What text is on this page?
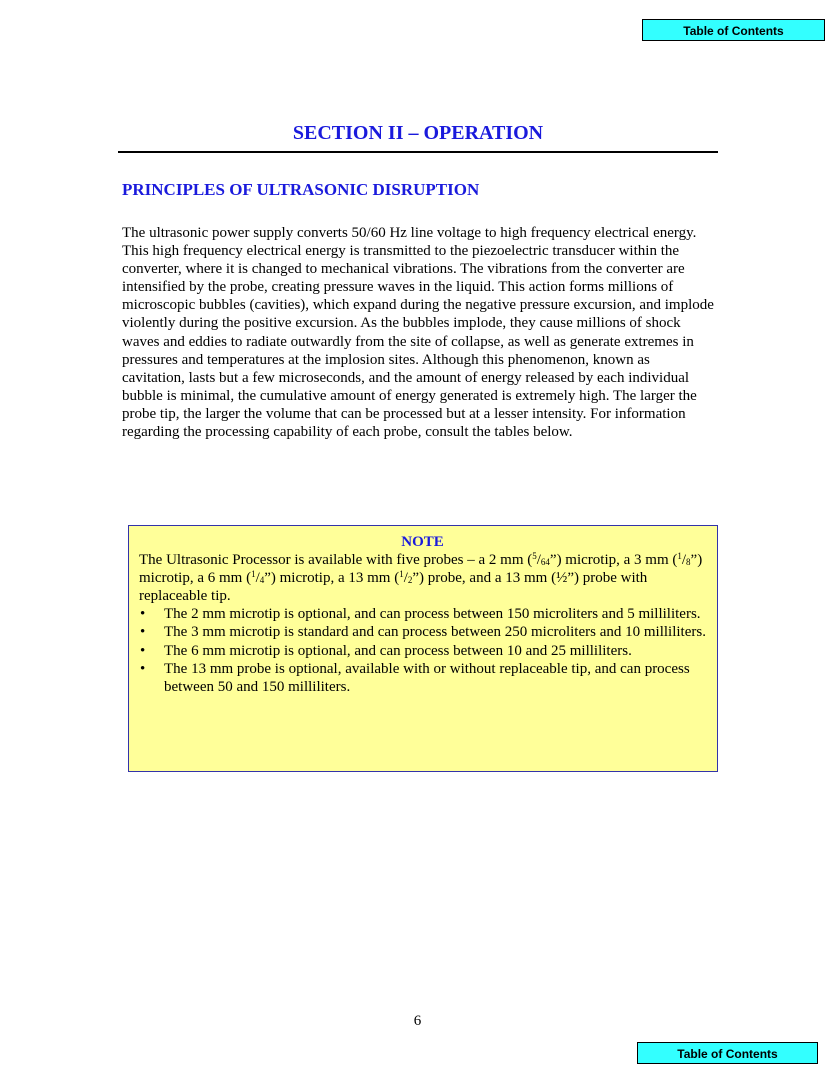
Table of Contents
SECTION II – OPERATION
PRINCIPLES OF ULTRASONIC DISRUPTION

The ultrasonic power supply converts 50/60 Hz line voltage to high frequency electrical energy. This high frequency electrical energy is transmitted to the piezoelectric transducer within the converter, where it is changed to mechanical vibrations. The vibrations from the converter are intensified by the probe, creating pressure waves in the liquid. This action forms millions of microscopic bubbles (cavities), which expand during the negative pressure excursion, and implode violently during the positive excursion. As the bubbles implode, they cause millions of shock waves and eddies to radiate outwardly from the site of collapse, as well as generate extremes in pressures and temperatures at the implosion sites. Although this phenomenon, known as cavitation, lasts but a few microseconds, and the amount of energy released by each individual bubble is minimal, the cumulative amount of energy generated is extremely high. The larger the probe tip, the larger the volume that can be processed but at a lesser intensity. For information regarding the processing capability of each probe, consult the tables below.

NOTE

The Ultrasonic Processor is available with five probes – a 2 mm $(^5/_{64}”)$ microtip, a 3 mm $(^1/_8”)$ microtip, a 6 mm $(^1/_4”)$ microtip, a 13 mm $(^1/_2”)$ probe, and a 13 mm (½”) probe with replaceable tip.

• The 2 mm microtip is optional, and can process between 150 microliters and 5 milliliters.
• The 3 mm microtip is standard and can process between 250 microliters and 10 milliliters.
• The 6 mm microtip is optional, and can process between 10 and 25 milliliters.
• The 13 mm probe is optional, available with or without replaceable tip, and can process between 50 and 150 milliliters.

6

Table of Contents
